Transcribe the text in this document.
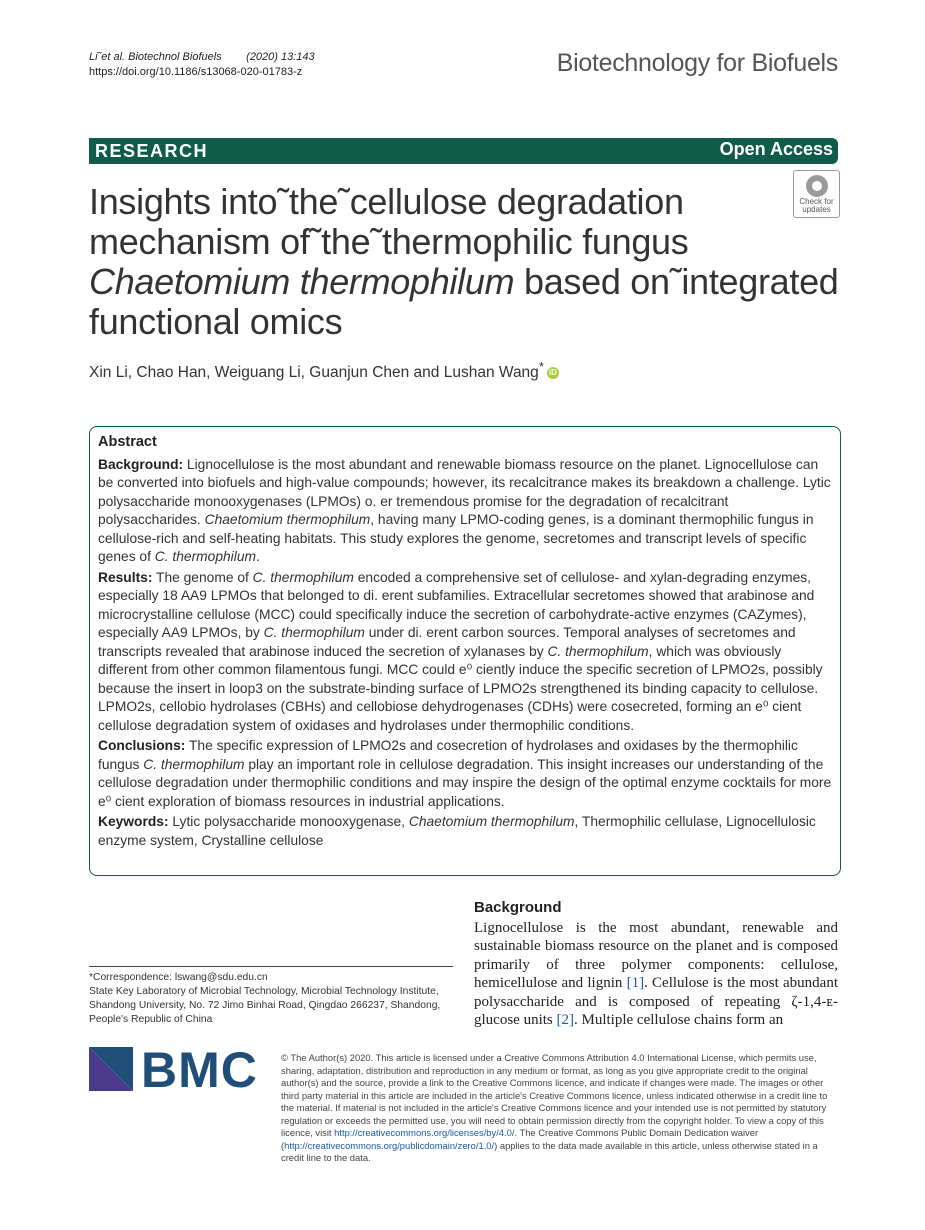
Li˜et al. Biotechnol Biofuels (2020) 13:143
https://doi.org/10.1186/s13068-020-01783-z	Biotechnology for Biofuels
RESEARCH	Open Access
Insights into˜the˜cellulose degradation mechanism of˜the˜thermophilic fungus Chaetomium thermophilum based on˜integrated functional omics
Check for
updates
Xin Li, Chao Han, Weiguang Li, Guanjun Chen and Lushan Wang* iD
Abstract

Background: Lignocellulose is the most abundant and renewable biomass resource on the planet. Lignocellulose can be converted into biofuels and high-value compounds; however, its recalcitrance makes its breakdown a challenge. Lytic polysaccharide monooxygenases (LPMOs) o. er tremendous promise for the degradation of recalcitrant polysaccharides. Chaetomium thermophilum, having many LPMO-coding genes, is a dominant thermophilic fungus in cellulose-rich and self-heating habitats. This study explores the genome, secretomes and transcript levels of specific genes of C. thermophilum.

Results: The genome of C. thermophilum encoded a comprehensive set of cellulose- and xylan-degrading enzymes, especially 18 AA9 LPMOs that belonged to di. erent subfamilies. Extracellular secretomes showed that arabinose and microcrystalline cellulose (MCC) could specifically induce the secretion of carbohydrate-active enzymes (CAZymes), especially AA9 LPMOs, by C. thermophilum under di. erent carbon sources. Temporal analyses of secretomes and transcripts revealed that arabinose induced the secretion of xylanases by C. thermophilum, which was obviously different from other common filamentous fungi. MCC could e⁰ ciently induce the specific secretion of LPMO2s, possibly because the insert in loop3 on the substrate-binding surface of LPMO2s strengthened its binding capacity to cellulose. LPMO2s, cellobio hydrolases (CBHs) and cellobiose dehydrogenases (CDHs) were cosecreted, forming an e⁰ cient cellulose degradation system of oxidases and hydrolases under thermophilic conditions.

Conclusions: The specific expression of LPMO2s and cosecretion of hydrolases and oxidases by the thermophilic fungus C. thermophilum play an important role in cellulose degradation. This insight increases our understanding of the cellulose degradation under thermophilic conditions and may inspire the design of the optimal enzyme cocktails for more e⁰ cient exploration of biomass resources in industrial applications.

Keywords: Lytic polysaccharide monooxygenase, Chaetomium thermophilum, Thermophilic cellulase, Lignocellulosic enzyme system, Crystalline cellulose

*Correspondence: lswang@sdu.edu.cn
State Key Laboratory of Microbial Technology, Microbial Technology Institute, Shandong University, No. 72 Jimo Binhai Road, Qingdao 266237, Shandong, People's Republic of China
Background

Lignocellulose is the most abundant, renewable and sustainable biomass resource on the planet and is composed primarily of three polymer components: cellulose, hemicellulose and lignin [1]. Cellulose is the most abundant polysaccharide and is composed of repeating ζ-1,4-ᴇ-glucose units [2]. Multiple cellulose chains form an

BMC © The Author(s) 2020. This article is licensed under a Creative Commons Attribution 4.0 International License, which permits use, sharing, adaptation, distribution and reproduction in any medium or format, as long as you give appropriate credit to the original author(s) and the source, provide a link to the Creative Commons licence, and indicate if changes were made. The images or other third party material in this article are included in the article's Creative Commons licence, unless indicated otherwise in a credit line to the material. If material is not included in the article's Creative Commons licence and your intended use is not permitted by statutory regulation or exceeds the permitted use, you will need to obtain permission directly from the copyright holder. To view a copy of this licence, visit http://creativecommons.org/licenses/by/4.0/. The Creative Commons Public Domain Dedication waiver (http://creativecommons.org/publicdomain/zero/1.0/) applies to the data made available in this article, unless otherwise stated in a credit line to the data.
